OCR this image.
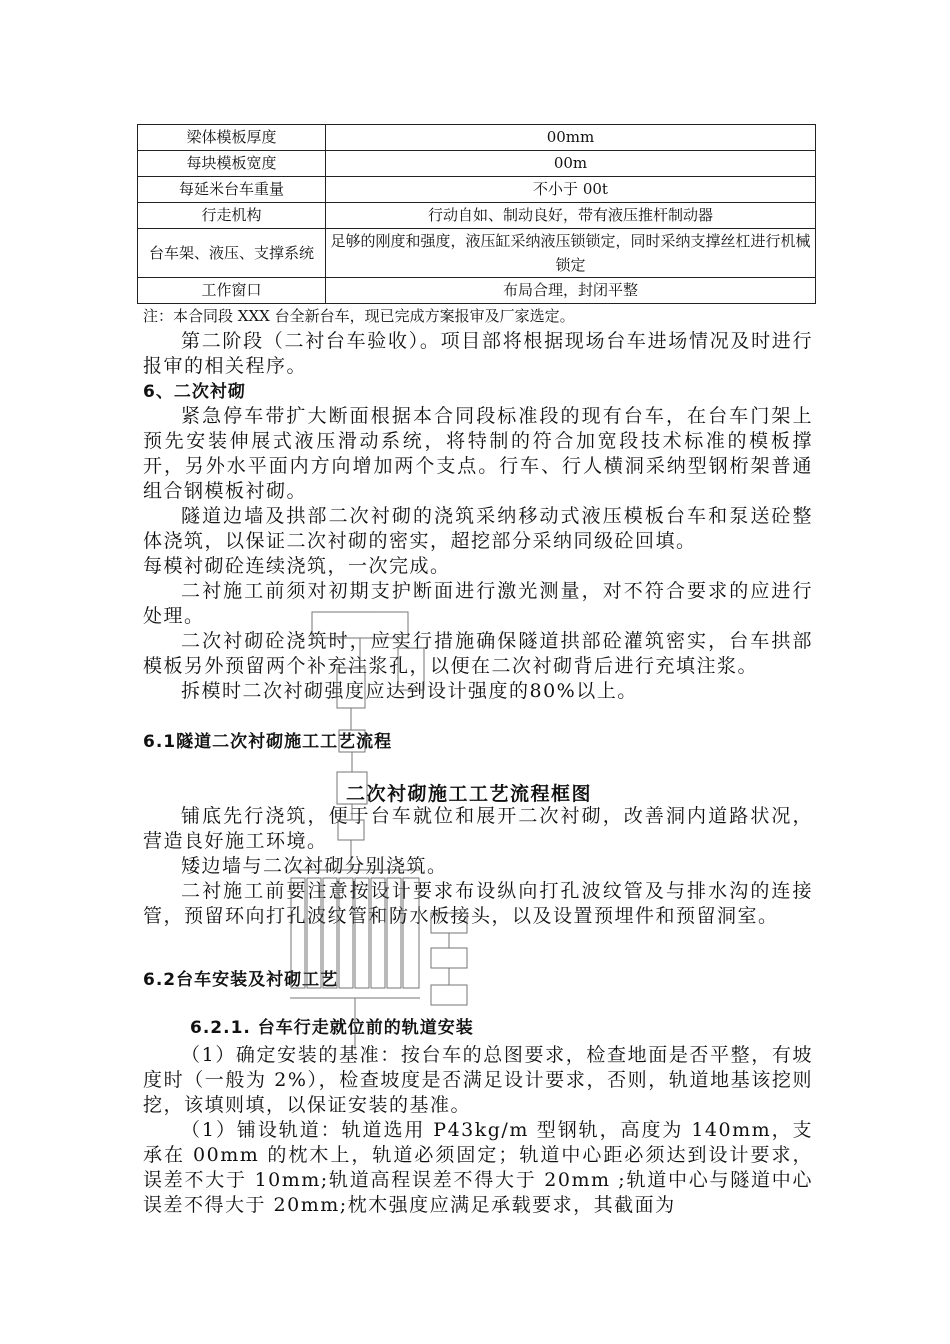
梁体模板厚度	00mm
每块模板宽度	00m
每延米台车重量	不小于 00t
行走机构	行动自如、制动良好，带有液压推杆制动器
台车架、液压、支撑系统	足够的刚度和强度，液压缸采纳液压锁锁定，同时采纳支撑丝杠进行机械锁定
工作窗口	布局合理，封闭平整
注：本合同段 XXX 台全新台车，现已完成方案报审及厂家选定。
第二阶段（二衬台车验收）。项目部将根据现场台车进场情况及时进行报审的相关程序。
6、二次衬砌
紧急停车带扩大断面根据本合同段标准段的现有台车，在台车门架上预先安装伸展式液压滑动系统，将特制的符合加宽段技术标准的模板撑开，另外水平面内方向增加两个支点。行车、行人横洞采纳型钢桁架普通组合钢模板衬砌。
隧道边墙及拱部二次衬砌的浇筑采纳移动式液压模板台车和泵送砼整体浇筑，以保证二次衬砌的密实，超挖部分采纳同级砼回填。
每模衬砌砼连续浇筑，一次完成。
二衬施工前须对初期支护断面进行激光测量，对不符合要求的应进行处理。
二次衬砌砼浇筑时，应实行措施确保隧道拱部砼灌筑密实，台车拱部模板另外预留两个补充注浆孔，以便在二次衬砌背后进行充填注浆。
拆模时二次衬砌强度应达到设计强度的80%以上。
6.1隧道二次衬砌施工工艺流程
二次衬砌施工工艺流程框图
铺底先行浇筑，便于台车就位和展开二次衬砌，改善洞内道路状况，营造良好施工环境。
矮边墙与二次衬砌分别浇筑。
二衬施工前要注意按设计要求布设纵向打孔波纹管及与排水沟的连接管，预留环向打孔波纹管和防水板接头，以及设置预埋件和预留洞室。
6.2台车安装及衬砌工艺
6.2.1. 台车行走就位前的轨道安装
（1）确定安装的基准：按台车的总图要求，检查地面是否平整，有坡度时（一般为 2%），检查坡度是否满足设计要求，否则，轨道地基该挖则挖，该填则填，以保证安装的基准。
（1）铺设轨道：轨道选用 P43kg/m 型钢轨，高度为 140mm，支承在 00mm 的枕木上，轨道必须固定；轨道中心距必须达到设计要求，误差不大于 10mm;轨道高程误差不得大于 20mm ;轨道中心与隧道中心误差不得大于 20mm;枕木强度应满足承载要求，其截面为
